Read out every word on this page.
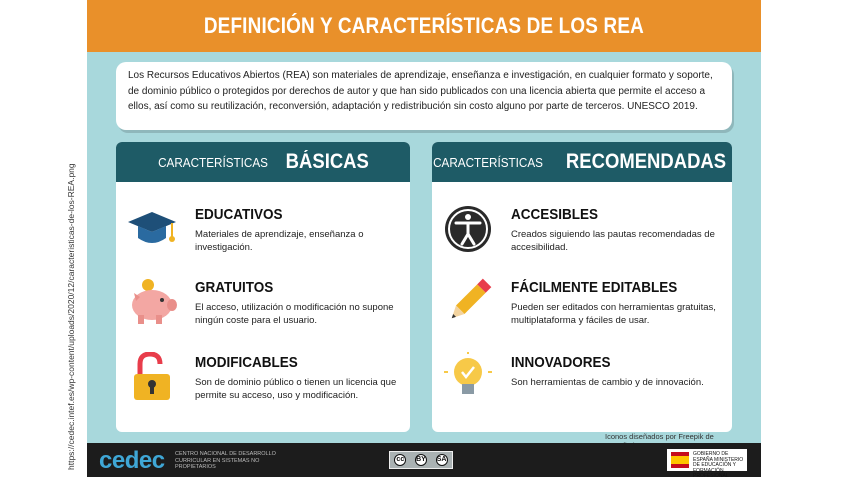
https://cedec.intef.es/wp-content/uploads/2020/12/caracteristicas-de-los-REA.png
DEFINICIÓN Y CARACTERÍSTICAS DE LOS REA

Los Recursos Educativos Abiertos (REA) son materiales de aprendizaje, enseñanza e investigación, en cualquier formato y soporte, de dominio público o protegidos por derechos de autor y que han sido publicados con una licencia abierta que permite el acceso a ellos, así como su reutilización, reconversión, adaptación y redistribución sin costo alguno por parte de terceros. UNESCO 2019.

CARACTERÍSTICAS BÁSICAS
EDUCATIVOS
Materiales de aprendizaje, enseñanza o investigación.
GRATUITOS
El acceso, utilización o modificación no supone ningún coste para el usuario.
MODIFICABLES
Son de dominio público o tienen un licencia que permite su acceso, uso y modificación.
CARACTERÍSTICAS RECOMENDADAS
ACCESIBLES
Creados siguiendo las pautas recomendadas de accesibilidad.
FÁCILMENTE EDITABLES
Pueden ser editados con herramientas gratuitas, multiplataforma y fáciles de usar.
INNOVADORES
Son herramientas de cambio y de innovación.
Iconos diseñados por Freepik de
cedec CENTRO NACIONAL DE DESARROLLO CURRICULAR EN SISTEMAS NO PROPIETARIOS
cc	BY SA
GOBIERNO DE ESPAÑA MINISTERIO DE EDUCACIÓN Y FORMACIÓN PROFESIONAL
